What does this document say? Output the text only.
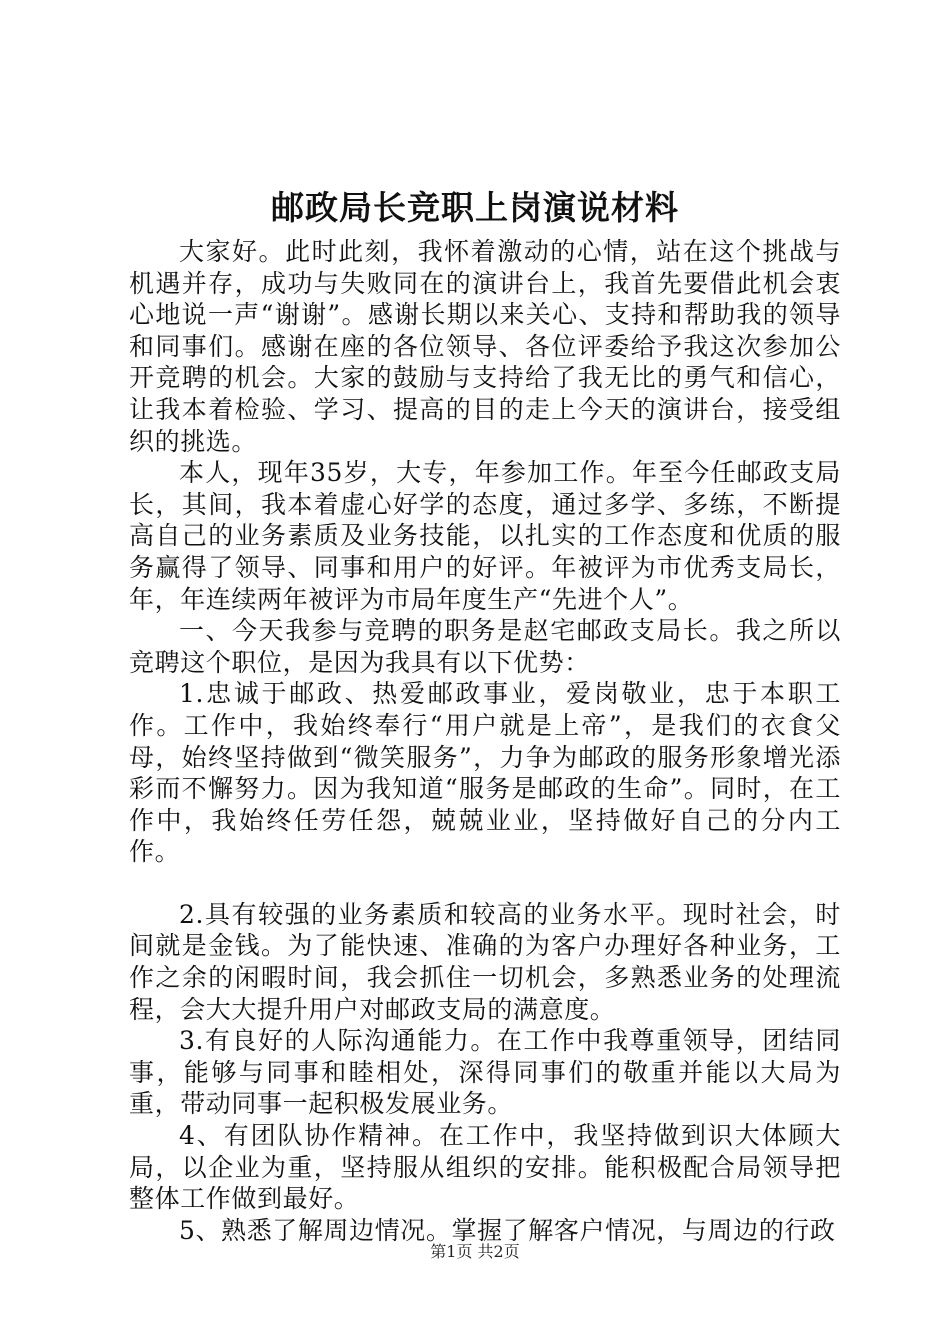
邮政局长竞职上岗演说材料

大家好。此时此刻，我怀着激动的心情，站在这个挑战与机遇并存，成功与失败同在的演讲台上，我首先要借此机会衷心地说一声“谢谢”。感谢长期以来关心、支持和帮助我的领导和同事们。感谢在座的各位领导、各位评委给予我这次参加公开竞聘的机会。大家的鼓励与支持给了我无比的勇气和信心，让我本着检验、学习、提高的目的走上今天的演讲台，接受组织的挑选。

本人，现年35岁，大专，年参加工作。年至今任邮政支局长，其间，我本着虚心好学的态度，通过多学、多练，不断提高自己的业务素质及业务技能，以扎实的工作态度和优质的服务赢得了领导、同事和用户的好评。年被评为市优秀支局长，年，年连续两年被评为市局年度生产“先进个人”。

一、今天我参与竞聘的职务是赵宅邮政支局长。我之所以竞聘这个职位，是因为我具有以下优势：

1.忠诚于邮政、热爱邮政事业，爱岗敬业，忠于本职工作。工作中，我始终奉行“用户就是上帝”，是我们的衣食父母，始终坚持做到“微笑服务”，力争为邮政的服务形象增光添彩而不懈努力。因为我知道“服务是邮政的生命”。同时，在工作中，我始终任劳任怨，兢兢业业，坚持做好自己的分内工作。

2.具有较强的业务素质和较高的业务水平。现时社会，时间就是金钱。为了能快速、准确的为客户办理好各种业务，工作之余的闲暇时间，我会抓住一切机会，多熟悉业务的处理流程，会大大提升用户对邮政支局的满意度。

3.有良好的人际沟通能力。在工作中我尊重领导，团结同事，能够与同事和睦相处，深得同事们的敬重并能以大局为重，带动同事一起积极发展业务。

4、有团队协作精神。在工作中，我坚持做到识大体顾大局，以企业为重，坚持服从组织的安排。能积极配合局领导把整体工作做到最好。

5、熟悉了解周边情况。掌握了解客户情况，与周边的行政

第1页 共2页
